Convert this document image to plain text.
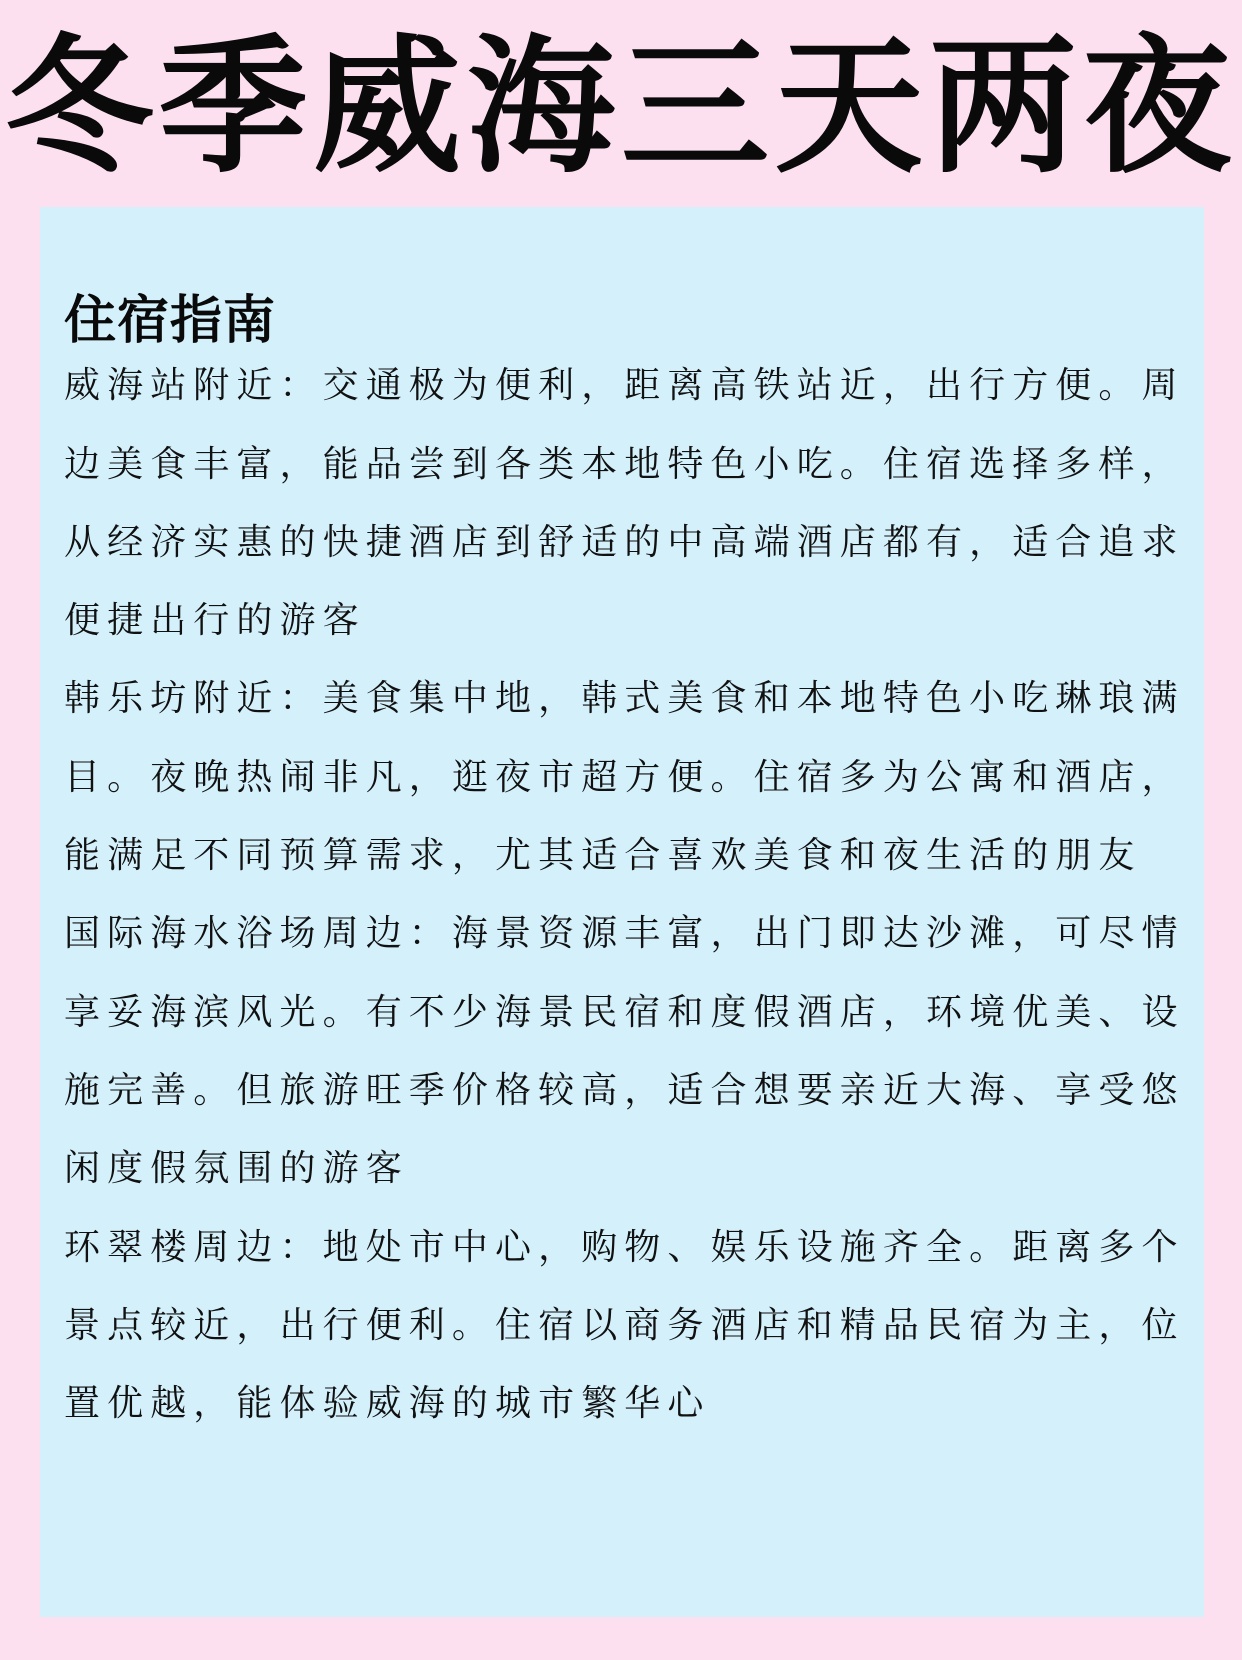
冬季威海三天两夜
住宿指南

威海站附近：交通极为便利，距离高铁站近，出行方便。周

边美食丰富，能品尝到各类本地特色小吃。住宿选择多样，

从经济实惠的快捷酒店到舒适的中高端酒店都有，适合追求

便捷出行的游客

韩乐坊附近：美食集中地，韩式美食和本地特色小吃琳琅满

目。夜晚热闹非凡，逛夜市超方便。住宿多为公寓和酒店，

能满足不同预算需求，尤其适合喜欢美食和夜生活的朋友

国际海水浴场周边：海景资源丰富，出门即达沙滩，可尽情

享妥海滨风光。有不少海景民宿和度假酒店，环境优美、设

施完善。但旅游旺季价格较高，适合想要亲近大海、享受悠

闲度假氛围的游客

环翠楼周边：地处市中心，购物、娱乐设施齐全。距离多个

景点较近，出行便利。住宿以商务酒店和精品民宿为主，位

置优越，能体验威海的城市繁华心
